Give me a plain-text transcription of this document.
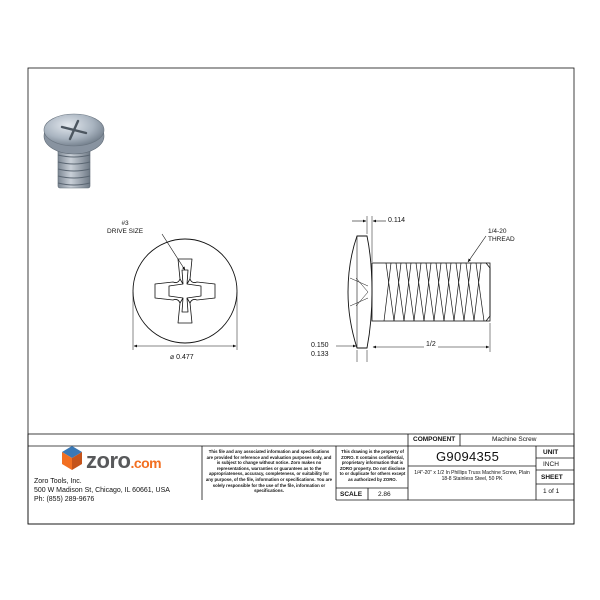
#3
DRIVE SIZE
⌀ 0.477
0.114
1/4-20
THREAD
0.150
0.133
1/2
zoro.com
Zoro Tools, Inc.
500 W Madison St, Chicago, IL 60661, USA
Ph: (855) 289-9676
This file and any associated information and specifications are provided for reference and evaluation purposes only, and is subject to change without notice. Zoro makes no representations, warranties or guarantees as to the appropriateness, accuracy, completeness, or suitability for any purpose, of the file, information or specifications. You are solely responsible for the use of the file, information or specifications.
This drawing is the property of ZORO. It contains confidential, proprietary information that is ZORO property. Do not disclose to or duplicate for others except as authorized by ZORO.
COMPONENT	Machine Screw
G9094355
1/4"-20" x 1/2 In Phillips Truss Machine Screw, Plain 18-8 Stainless Steel, 50 PK
UNIT
INCH
SHEET
1 of 1
SCALE 2.86
